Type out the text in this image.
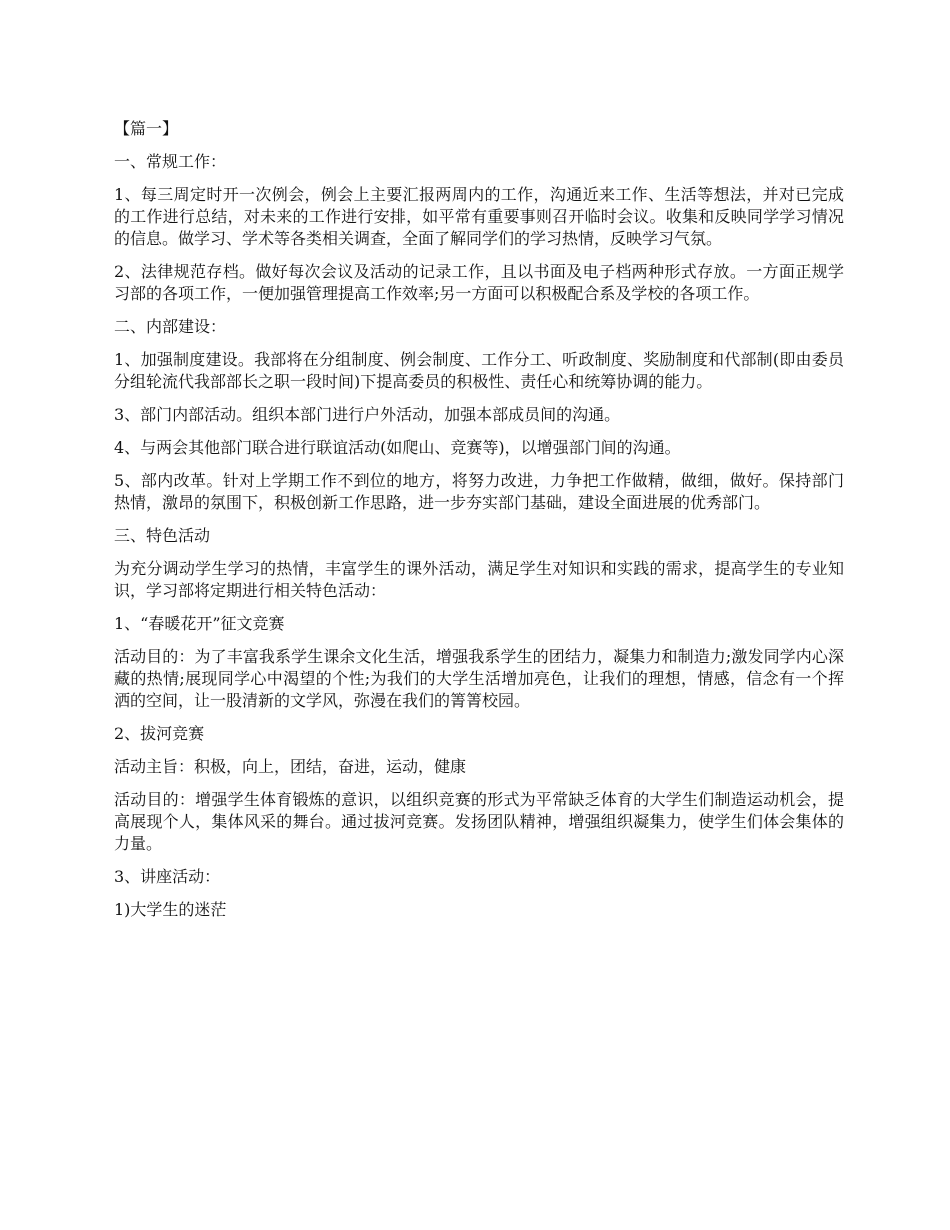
【篇一】

一、常规工作：

1、每三周定时开一次例会，例会上主要汇报两周内的工作，沟通近来工作、生活等想法，并对已完成的工作进行总结，对未来的工作进行安排，如平常有重要事则召开临时会议。收集和反映同学学习情况的信息。做学习、学术等各类相关调查，全面了解同学们的学习热情，反映学习气氛。

2、法律规范存档。做好每次会议及活动的记录工作，且以书面及电子档两种形式存放。一方面正规学习部的各项工作，一便加强管理提高工作效率;另一方面可以积极配合系及学校的各项工作。

二、内部建设：

1、加强制度建设。我部将在分组制度、例会制度、工作分工、听政制度、奖励制度和代部制(即由委员分组轮流代我部部长之职一段时间)下提高委员的积极性、责任心和统筹协调的能力。

3、部门内部活动。组织本部门进行户外活动，加强本部成员间的沟通。

4、与两会其他部门联合进行联谊活动(如爬山、竞赛等)，以增强部门间的沟通。

5、部内改革。针对上学期工作不到位的地方，将努力改进，力争把工作做精，做细，做好。保持部门热情，激昂的氛围下，积极创新工作思路，进一步夯实部门基础，建设全面进展的优秀部门。

三、特色活动

为充分调动学生学习的热情，丰富学生的课外活动，满足学生对知识和实践的需求，提高学生的专业知识，学习部将定期进行相关特色活动：

1、“春暖花开”征文竞赛

活动目的：为了丰富我系学生课余文化生活，增强我系学生的团结力，凝集力和制造力;激发同学内心深藏的热情;展现同学心中渴望的个性;为我们的大学生活增加亮色，让我们的理想，情感，信念有一个挥洒的空间，让一股清新的文学风，弥漫在我们的箐箐校园。

2、拔河竞赛

活动主旨：积极，向上，团结，奋进，运动，健康

活动目的：增强学生体育锻炼的意识，以组织竞赛的形式为平常缺乏体育的大学生们制造运动机会，提高展现个人，集体风采的舞台。通过拔河竞赛。发扬团队精神，增强组织凝集力，使学生们体会集体的力量。

3、讲座活动：

1)大学生的迷茫
